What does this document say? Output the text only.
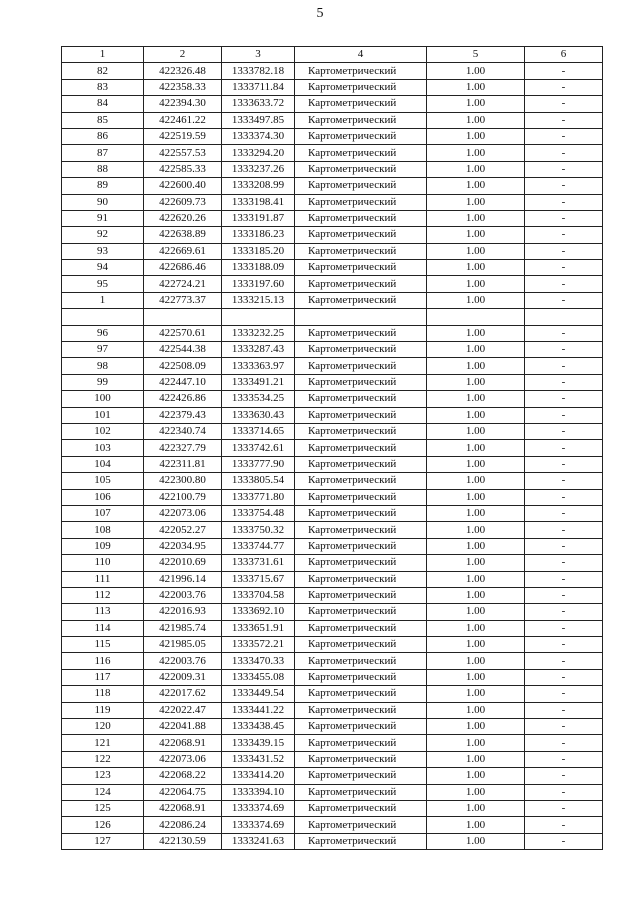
5
1	2	3	4	5	6
82	422326.48	1333782.18	Картометрический	1.00	-
83	422358.33	1333711.84	Картометрический	1.00	-
84	422394.30	1333633.72	Картометрический	1.00	-
85	422461.22	1333497.85	Картометрический	1.00	-
86	422519.59	1333374.30	Картометрический	1.00	-
87	422557.53	1333294.20	Картометрический	1.00	-
88	422585.33	1333237.26	Картометрический	1.00	-
89	422600.40	1333208.99	Картометрический	1.00	-
90	422609.73	1333198.41	Картометрический	1.00	-
91	422620.26	1333191.87	Картометрический	1.00	-
92	422638.89	1333186.23	Картометрический	1.00	-
93	422669.61	1333185.20	Картометрический	1.00	-
94	422686.46	1333188.09	Картометрический	1.00	-
95	422724.21	1333197.60	Картометрический	1.00	-
1	422773.37	1333215.13	Картометрический	1.00	-

96	422570.61	1333232.25	Картометрический	1.00	-
97	422544.38	1333287.43	Картометрический	1.00	-
98	422508.09	1333363.97	Картометрический	1.00	-
99	422447.10	1333491.21	Картометрический	1.00	-
100	422426.86	1333534.25	Картометрический	1.00	-
101	422379.43	1333630.43	Картометрический	1.00	-
102	422340.74	1333714.65	Картометрический	1.00	-
103	422327.79	1333742.61	Картометрический	1.00	-
104	422311.81	1333777.90	Картометрический	1.00	-
105	422300.80	1333805.54	Картометрический	1.00	-
106	422100.79	1333771.80	Картометрический	1.00	-
107	422073.06	1333754.48	Картометрический	1.00	-
108	422052.27	1333750.32	Картометрический	1.00	-
109	422034.95	1333744.77	Картометрический	1.00	-
110	422010.69	1333731.61	Картометрический	1.00	-
111	421996.14	1333715.67	Картометрический	1.00	-
112	422003.76	1333704.58	Картометрический	1.00	-
113	422016.93	1333692.10	Картометрический	1.00	-
114	421985.74	1333651.91	Картометрический	1.00	-
115	421985.05	1333572.21	Картометрический	1.00	-
116	422003.76	1333470.33	Картометрический	1.00	-
117	422009.31	1333455.08	Картометрический	1.00	-
118	422017.62	1333449.54	Картометрический	1.00	-
119	422022.47	1333441.22	Картометрический	1.00	-
120	422041.88	1333438.45	Картометрический	1.00	-
121	422068.91	1333439.15	Картометрический	1.00	-
122	422073.06	1333431.52	Картометрический	1.00	-
123	422068.22	1333414.20	Картометрический	1.00	-
124	422064.75	1333394.10	Картометрический	1.00	-
125	422068.91	1333374.69	Картометрический	1.00	-
126	422086.24	1333374.69	Картометрический	1.00	-
127	422130.59	1333241.63	Картометрический	1.00	-
